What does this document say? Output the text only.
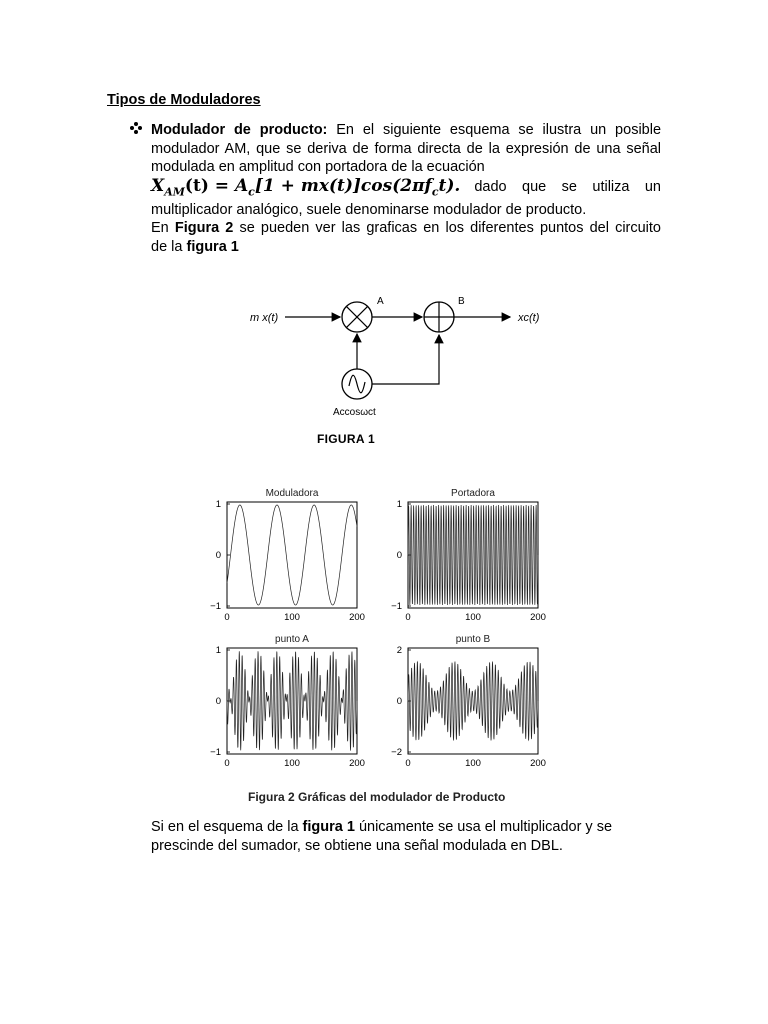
Tipos de Moduladores
Modulador de producto: En el siguiente esquema se ilustra un posible
modulador AM, que se deriva de forma directa de la expresión de una señal
modulada en amplitud con portadora de la ecuación
$X_{AM}(t) = A_c[1 + mx(t)]\cos(2\pi f_ct)$. dado que se utiliza un
multiplicador analógico, suele denominarse modulador de producto.
En Figura 2 se pueden ver las graficas en los diferentes puntos del circuito
de la figura 1
m x(t)
A	B
xc(t)
Accosωct
FIGURA 1
Moduladora
1
0
−1
0	100	200
Portadora
1
0
−1
0	100	200
punto A
1
0
−1
0	100	200
punto B
2
0
−2
0	100	200
Figura 2 Gráficas del modulador de Producto
Si en el esquema de la figura 1 únicamente se usa el multiplicador y se
prescinde del sumador, se obtiene una señal modulada en DBL.
